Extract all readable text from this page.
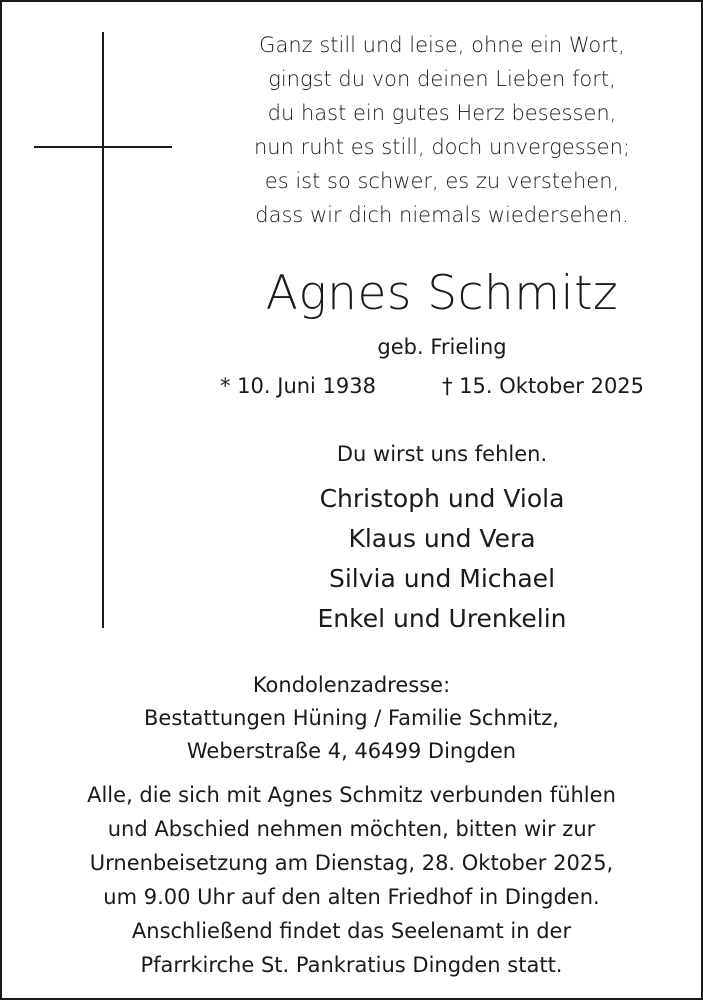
Ganz still und leise, ohne ein Wort,
gingst du von deinen Lieben fort,
du hast ein gutes Herz besessen,
nun ruht es still, doch unvergessen;
es ist so schwer, es zu verstehen,
dass wir dich niemals wiedersehen.
Agnes Schmitz
geb. Frieling
* 10. Juni 1938	† 15. Oktober 2025
Du wirst uns fehlen.
Christoph und Viola
Klaus und Vera
Silvia und Michael
Enkel und Urenkelin
Kondolenzadresse:
Bestattungen Hüning / Familie Schmitz,
Weberstraße 4, 46499 Dingden
Alle, die sich mit Agnes Schmitz verbunden fühlen
und Abschied nehmen möchten, bitten wir zur
Urnenbeisetzung am Dienstag, 28. Oktober 2025,
um 9.00 Uhr auf den alten Friedhof in Dingden.
Anschließend findet das Seelenamt in der
Pfarrkirche St. Pankratius Dingden statt.
